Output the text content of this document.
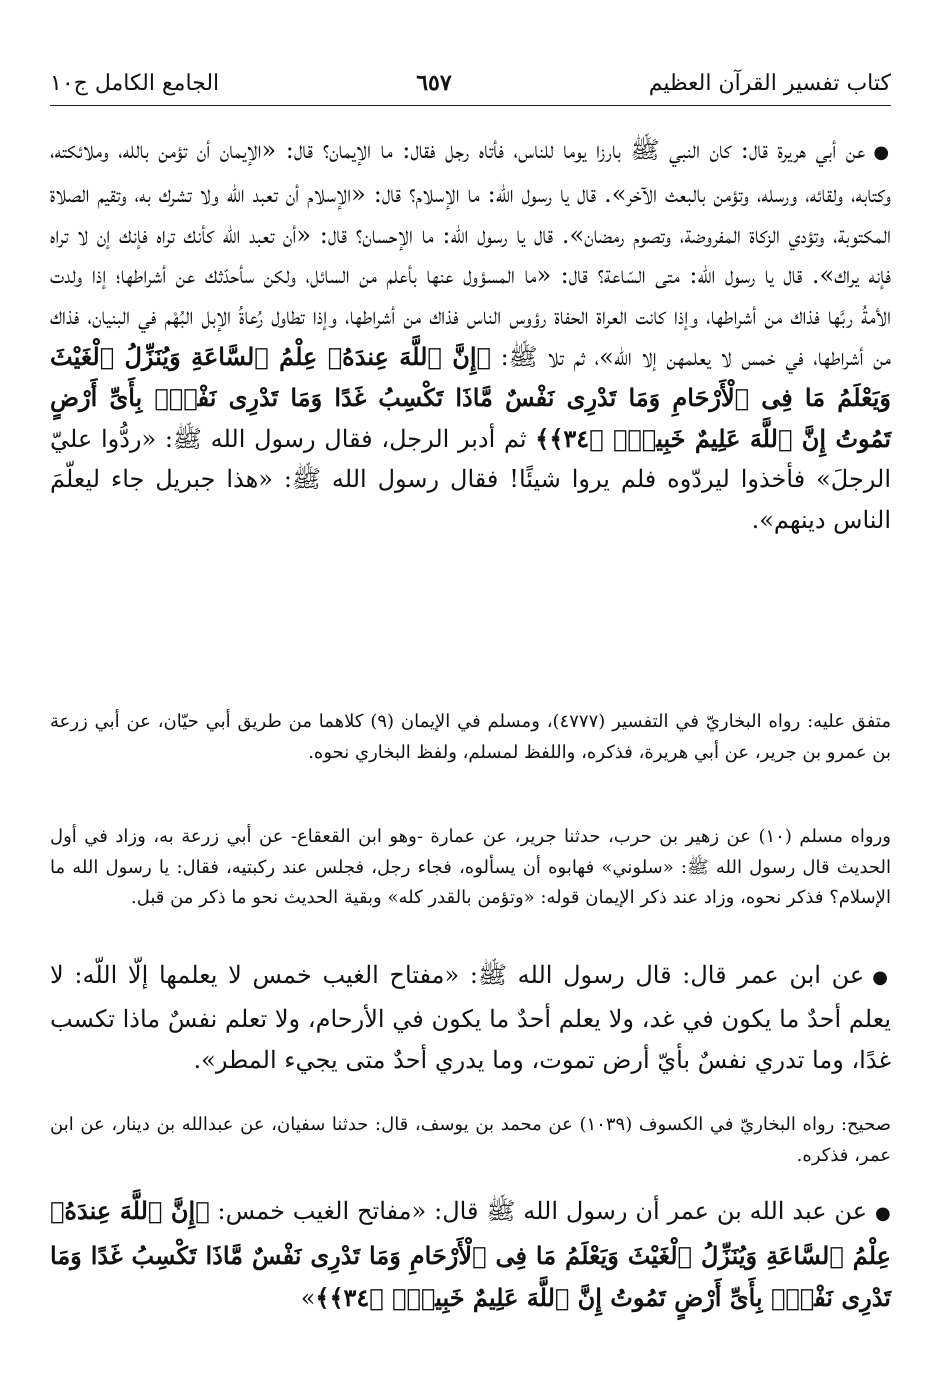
كتاب تفسير القرآن العظيم
٦٥٧
الجامع الكامل ج١٠

●عن أبي هريرة قال: كان النبي ﷺ بارزا يوما للناس، فأتاه رجل فقال: ما الإيمان؟ قال: «الإيمان أن تؤمن بالله، وملائكته، وكتابه، ولقائه، ورسله، وتؤمن بالبعث الآخر». قال يا رسول الله: ما الإسلام؟ قال: «الإسلام أن تعبد الله ولا تشرك به، وتقيم الصلاة المكتوبة، وتؤدي الزكاة المفروضة، وتصوم رمضان». قال يا رسول الله: ما الإحسان؟ قال: «أن تعبد الله كأنك تراه فإنك إن لا تراه فإنه يراك». قال يا رسول الله: متى السّاعة؟ قال: «ما المسؤول عنها بأعلم من السائل، ولكن سأحدّثك عن أشراطها؛ إذا ولدت الأمةُ ربَّها فذاك من أشراطها، وإذا كانت العراة الحفاة رؤوس الناس فذاك من أشراطها، وإذا تطاول رُعاةُ الإبل البُهْم في البنيان، فذاك من أشراطها، في خمس لا يعلمهن إلا الله»، ثم تلا ﷺ: ﴿إِنَّ ٱللَّهَ عِندَهُۥ عِلْمُ ٱلسَّاعَةِ وَيُنَزِّلُ ٱلْغَيْثَ وَيَعْلَمُ مَا فِى ٱلْأَرْحَامِ وَمَا تَدْرِى نَفْسٌ مَّاذَا تَكْسِبُ غَدًا وَمَا تَدْرِى نَفْسٌۢ بِأَىِّ أَرْضٍ تَمُوتُ إِنَّ ٱللَّهَ عَلِيمٌ خَبِيرٌۢ ﴿٣٤﴾﴾ ثم أدبر الرجل، فقال رسول الله ﷺ: «ردُّوا عليّ الرجلَ» فأخذوا ليردّوه فلم يروا شيئًا! فقال رسول الله ﷺ: «هذا جبريل جاء ليعلّمَ الناس دينهم».

متفق عليه: رواه البخاريّ في التفسير (٤٧٧٧)، ومسلم في الإيمان (٩) كلاهما من طريق أبي حيّان، عن أبي زرعة بن عمرو بن جرير، عن أبي هريرة، فذكره، واللفظ لمسلم، ولفظ البخاري نحوه.

ورواه مسلم (١٠) عن زهير بن حرب، حدثنا جرير، عن عمارة -وهو ابن القعقاع- عن أبي زرعة به، وزاد في أول الحديث قال رسول الله ﷺ: «سلوني» فهابوه أن يسألوه، فجاء رجل، فجلس عند ركبتيه، فقال: يا رسول الله ما الإسلام؟ فذكر نحوه، وزاد عند ذكر الإيمان قوله: «وتؤمن بالقدر كله» وبقية الحديث نحو ما ذكر من قبل.

●عن ابن عمر قال: قال رسول الله ﷺ: «مفتاح الغيب خمس لا يعلمها إلّا اللّه: لا يعلم أحدٌ ما يكون في غد، ولا يعلم أحدٌ ما يكون في الأرحام، ولا تعلم نفسٌ ماذا تكسب غدًا، وما تدري نفسٌ بأيّ أرض تموت، وما يدري أحدٌ متى يجيء المطر».

صحيح: رواه البخاريّ في الكسوف (١٠٣٩) عن محمد بن يوسف، قال: حدثنا سفيان، عن عبدالله بن دينار، عن ابن عمر، فذكره.

●عن عبد الله بن عمر أن رسول الله ﷺ قال: «مفاتح الغيب خمس: ﴿إِنَّ ٱللَّهَ عِندَهُۥ عِلْمُ ٱلسَّاعَةِ وَيُنَزِّلُ ٱلْغَيْثَ وَيَعْلَمُ مَا فِى ٱلْأَرْحَامِ وَمَا تَدْرِى نَفْسٌ مَّاذَا تَكْسِبُ غَدًا وَمَا تَدْرِى نَفْسٌۢ بِأَىِّ أَرْضٍ تَمُوتُ إِنَّ ٱللَّهَ عَلِيمٌ خَبِيرٌۢ ﴿٣٤﴾﴾»
